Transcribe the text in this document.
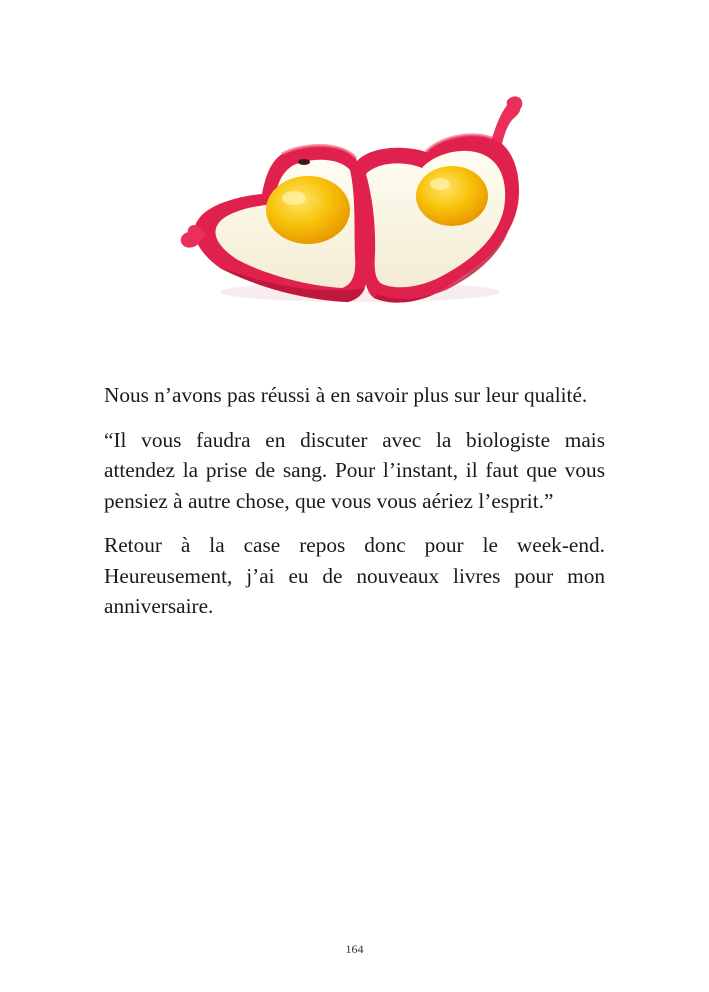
Nous n’avons pas réussi à en savoir plus sur leur qualité.

“Il vous faudra en discuter avec la biologiste mais attendez la prise de sang. Pour l’instant, il faut que vous pensiez à autre chose, que vous vous aériez l’esprit.”

Retour à la case repos donc pour le week-end. Heureusement, j’ai eu de nouveaux livres pour mon anniversaire.

164
